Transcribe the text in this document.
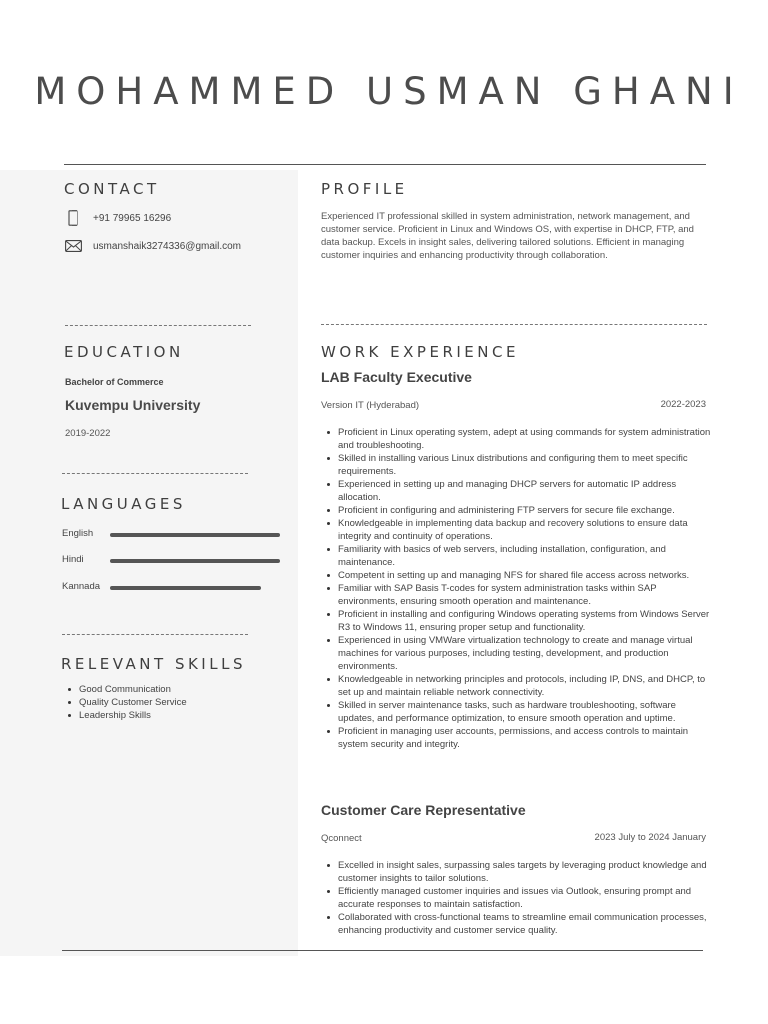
MOHAMMED USMAN GHANI
CONTACT
+91 79965 16296
usmanshaik3274336@gmail.com
EDUCATION
Bachelor of Commerce
Kuvempu University
2019-2022
LANGUAGES
English
Hindi
Kannada
RELEVANT SKILLS
Good Communication
Quality Customer Service
Leadership Skills
PROFILE

Experienced IT professional skilled in system administration, network management, and customer service. Proficient in Linux and Windows OS, with expertise in DHCP, FTP, and data backup. Excels in insight sales, delivering tailored solutions. Efficient in managing customer inquiries and enhancing productivity through collaboration.

WORK EXPERIENCE
LAB Faculty Executive
Version IT (Hyderabad)	2022-2023
Proficient in Linux operating system, adept at using commands for system administration and troubleshooting.
Skilled in installing various Linux distributions and configuring them to meet specific requirements.
Experienced in setting up and managing DHCP servers for automatic IP address allocation.
Proficient in configuring and administering FTP servers for secure file exchange.
Knowledgeable in implementing data backup and recovery solutions to ensure data integrity and continuity of operations.
Familiarity with basics of web servers, including installation, configuration, and maintenance.
Competent in setting up and managing NFS for shared file access across networks.
Familiar with SAP Basis T-codes for system administration tasks within SAP environments, ensuring smooth operation and maintenance.
Proficient in installing and configuring Windows operating systems from Windows Server R3 to Windows 11, ensuring proper setup and functionality.
Experienced in using VMWare virtualization technology to create and manage virtual machines for various purposes, including testing, development, and production environments.
Knowledgeable in networking principles and protocols, including IP, DNS, and DHCP, to set up and maintain reliable network connectivity.
Skilled in server maintenance tasks, such as hardware troubleshooting, software updates, and performance optimization, to ensure smooth operation and uptime.
Proficient in managing user accounts, permissions, and access controls to maintain system security and integrity.
Customer Care Representative
Qconnect	2023 July to 2024 January
Excelled in insight sales, surpassing sales targets by leveraging product knowledge and customer insights to tailor solutions.
Efficiently managed customer inquiries and issues via Outlook, ensuring prompt and accurate responses to maintain satisfaction.
Collaborated with cross-functional teams to streamline email communication processes, enhancing productivity and customer service quality.
